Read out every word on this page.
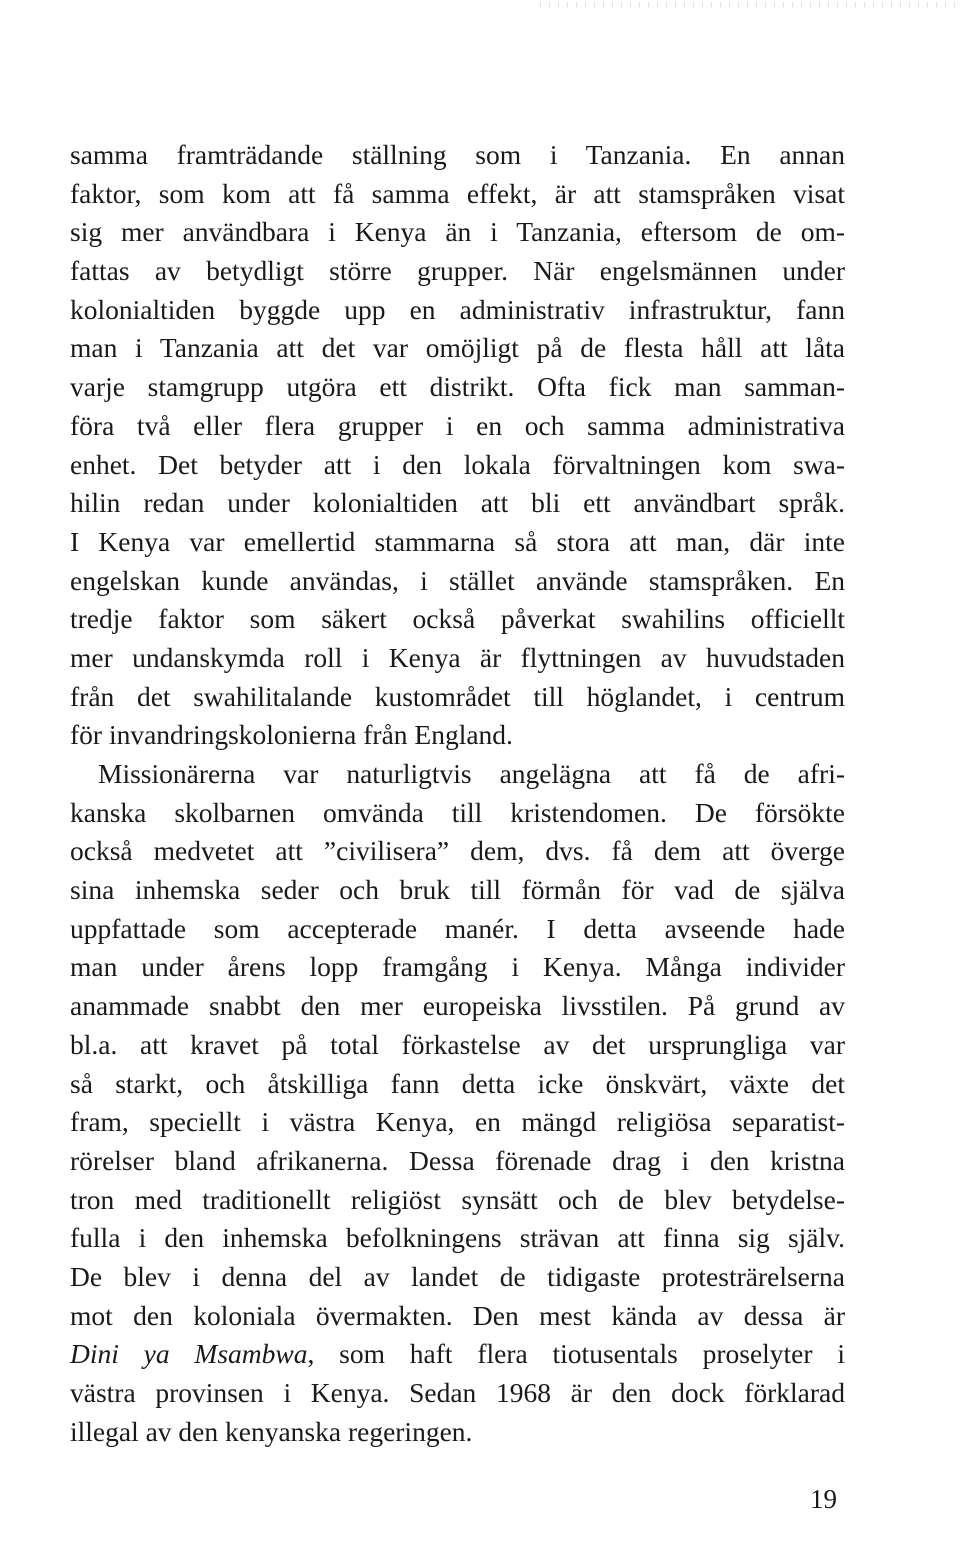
samma framträdande ställning som i Tanzania. En annan
faktor, som kom att få samma effekt, är att stamspråken visat
sig mer användbara i Kenya än i Tanzania, eftersom de om-
fattas av betydligt större grupper. När engelsmännen under
kolonialtiden byggde upp en administrativ infrastruktur, fann
man i Tanzania att det var omöjligt på de flesta håll att låta
varje stamgrupp utgöra ett distrikt. Ofta fick man samman-
föra två eller flera grupper i en och samma administrativa
enhet. Det betyder att i den lokala förvaltningen kom swa-
hilin redan under kolonialtiden att bli ett användbart språk.
I Kenya var emellertid stammarna så stora att man, där inte
engelskan kunde användas, i stället använde stamspråken. En
tredje faktor som säkert också påverkat swahilins officiellt
mer undanskymda roll i Kenya är flyttningen av huvudstaden
från det swahilitalande kustområdet till höglandet, i centrum
för invandringskolonierna från England.
Missionärerna var naturligtvis angelägna att få de afri-
kanska skolbarnen omvända till kristendomen. De försökte
också medvetet att ”civilisera” dem, dvs. få dem att överge
sina inhemska seder och bruk till förmån för vad de själva
uppfattade som accepterade manér. I detta avseende hade
man under årens lopp framgång i Kenya. Många individer
anammade snabbt den mer europeiska livsstilen. På grund av
bl.a. att kravet på total förkastelse av det ursprungliga var
så starkt, och åtskilliga fann detta icke önskvärt, växte det
fram, speciellt i västra Kenya, en mängd religiösa separatist-
rörelser bland afrikanerna. Dessa förenade drag i den kristna
tron med traditionellt religiöst synsätt och de blev betydelse-
fulla i den inhemska befolkningens strävan att finna sig själv.
De blev i denna del av landet de tidigaste protesträrelserna
mot den koloniala övermakten. Den mest kända av dessa är
Dini ya Msambwa, som haft flera tiotusentals proselyter i
västra provinsen i Kenya. Sedan 1968 är den dock förklarad
illegal av den kenyanska regeringen.
19
